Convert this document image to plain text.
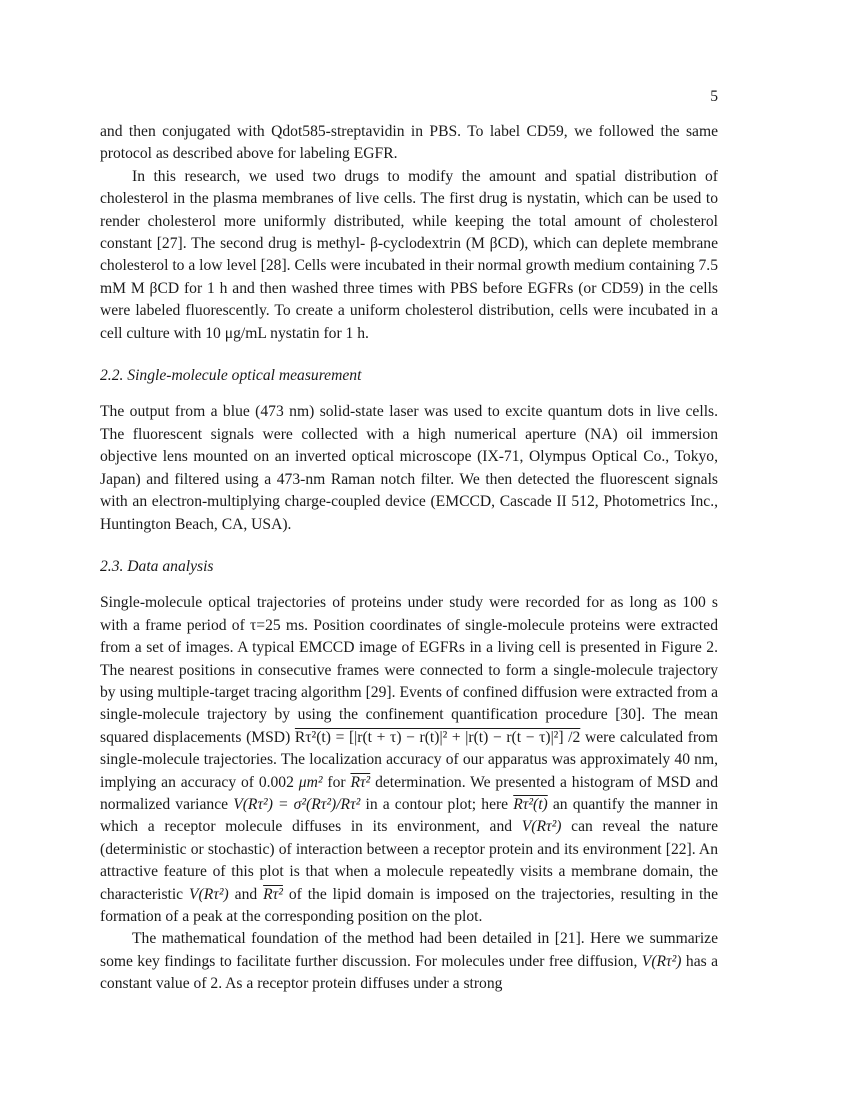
5

and then conjugated with Qdot585-streptavidin in PBS. To label CD59, we followed the same protocol as described above for labeling EGFR.

In this research, we used two drugs to modify the amount and spatial distribution of cholesterol in the plasma membranes of live cells. The first drug is nystatin, which can be used to render cholesterol more uniformly distributed, while keeping the total amount of cholesterol constant [27]. The second drug is methyl- β-cyclodextrin (M βCD), which can deplete membrane cholesterol to a low level [28]. Cells were incubated in their normal growth medium containing 7.5 mM M βCD for 1 h and then washed three times with PBS before EGFRs (or CD59) in the cells were labeled fluorescently. To create a uniform cholesterol distribution, cells were incubated in a cell culture with 10 μg/mL nystatin for 1 h.

2.2. Single-molecule optical measurement

The output from a blue (473 nm) solid-state laser was used to excite quantum dots in live cells. The fluorescent signals were collected with a high numerical aperture (NA) oil immersion objective lens mounted on an inverted optical microscope (IX-71, Olympus Optical Co., Tokyo, Japan) and filtered using a 473-nm Raman notch filter. We then detected the fluorescent signals with an electron-multiplying charge-coupled device (EMCCD, Cascade II 512, Photometrics Inc., Huntington Beach, CA, USA).

2.3. Data analysis

Single-molecule optical trajectories of proteins under study were recorded for as long as 100 s with a frame period of τ=25 ms. Position coordinates of single-molecule proteins were extracted from a set of images. A typical EMCCD image of EGFRs in a living cell is presented in Figure 2. The nearest positions in consecutive frames were connected to form a single-molecule trajectory by using multiple-target tracing algorithm [29]. Events of confined diffusion were extracted from a single-molecule trajectory by using the confinement quantification procedure [30]. The mean squared displacements (MSD) Rτ²(t) = [|r(t + τ) − r(t)|² + |r(t) − r(t − τ)|²] /2 were calculated from single-molecule trajectories. The localization accuracy of our apparatus was approximately 40 nm, implying an accuracy of 0.002 μm² for Rτ² determination. We presented a histogram of MSD and normalized variance V(Rτ²) = σ²(Rτ²)/Rτ² in a contour plot; here Rτ²(t) an quantify the manner in which a receptor molecule diffuses in its environment, and V(Rτ²) can reveal the nature (deterministic or stochastic) of interaction between a receptor protein and its environment [22]. An attractive feature of this plot is that when a molecule repeatedly visits a membrane domain, the characteristic V(Rτ²) and Rτ² of the lipid domain is imposed on the trajectories, resulting in the formation of a peak at the corresponding position on the plot.

The mathematical foundation of the method had been detailed in [21]. Here we summarize some key findings to facilitate further discussion. For molecules under free diffusion, V(Rτ²) has a constant value of 2. As a receptor protein diffuses under a strong
